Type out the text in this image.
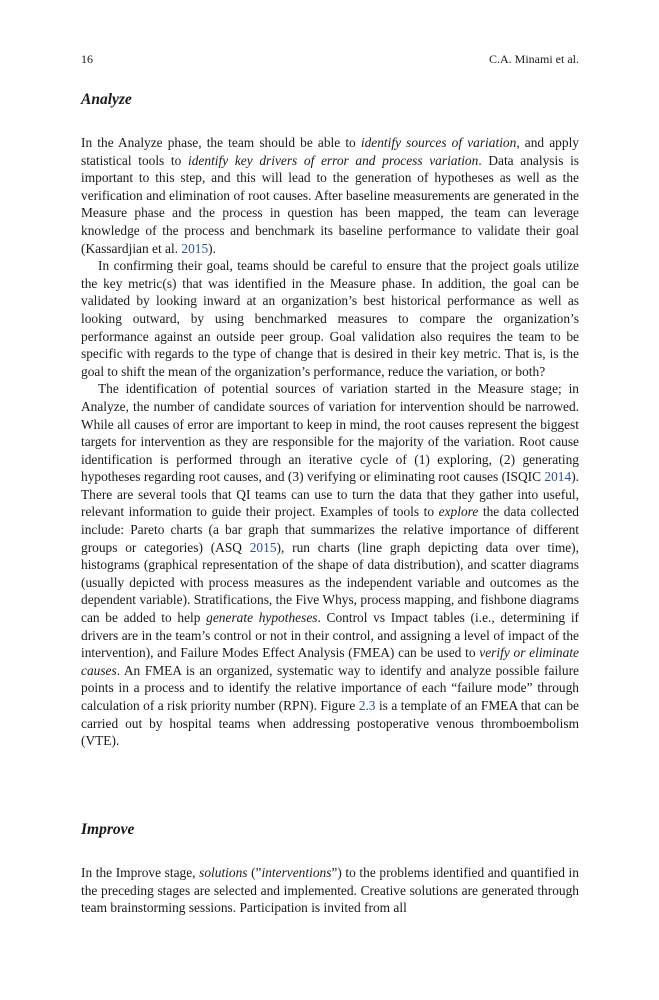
16	C.A. Minami et al.
Analyze

In the Analyze phase, the team should be able to identify sources of variation, and apply statistical tools to identify key drivers of error and process variation. Data analysis is important to this step, and this will lead to the generation of hypotheses as well as the verification and elimination of root causes. After baseline measurements are generated in the Measure phase and the process in question has been mapped, the team can leverage knowledge of the process and benchmark its baseline performance to validate their goal (Kassardjian et al. 2015).

In confirming their goal, teams should be careful to ensure that the project goals utilize the key metric(s) that was identified in the Measure phase. In addition, the goal can be validated by looking inward at an organization’s best historical performance as well as looking outward, by using benchmarked measures to compare the organization’s performance against an outside peer group. Goal validation also requires the team to be specific with regards to the type of change that is desired in their key metric. That is, is the goal to shift the mean of the organization’s performance, reduce the variation, or both?

The identification of potential sources of variation started in the Measure stage; in Analyze, the number of candidate sources of variation for intervention should be narrowed. While all causes of error are important to keep in mind, the root causes represent the biggest targets for intervention as they are responsible for the majority of the variation. Root cause identification is performed through an iterative cycle of (1) exploring, (2) generating hypotheses regarding root causes, and (3) verifying or eliminating root causes (ISQIC 2014). There are several tools that QI teams can use to turn the data that they gather into useful, relevant information to guide their project. Examples of tools to explore the data collected include: Pareto charts (a bar graph that summarizes the relative importance of different groups or categories) (ASQ 2015), run charts (line graph depicting data over time), histograms (graphical representation of the shape of data distribution), and scatter diagrams (usually depicted with process measures as the independent variable and outcomes as the dependent variable). Stratifications, the Five Whys, process mapping, and fishbone diagrams can be added to help generate hypotheses. Control vs Impact tables (i.e., determining if drivers are in the team’s control or not in their control, and assigning a level of impact of the intervention), and Failure Modes Effect Analysis (FMEA) can be used to verify or eliminate causes. An FMEA is an organized, systematic way to identify and analyze possible failure points in a process and to identify the relative importance of each “failure mode” through calculation of a risk priority number (RPN). Figure 2.3 is a template of an FMEA that can be carried out by hospital teams when addressing postoperative venous thromboembolism (VTE).

Improve

In the Improve stage, solutions (”interventions”) to the problems identified and quantified in the preceding stages are selected and implemented. Creative solutions are generated through team brainstorming sessions. Participation is invited from all
